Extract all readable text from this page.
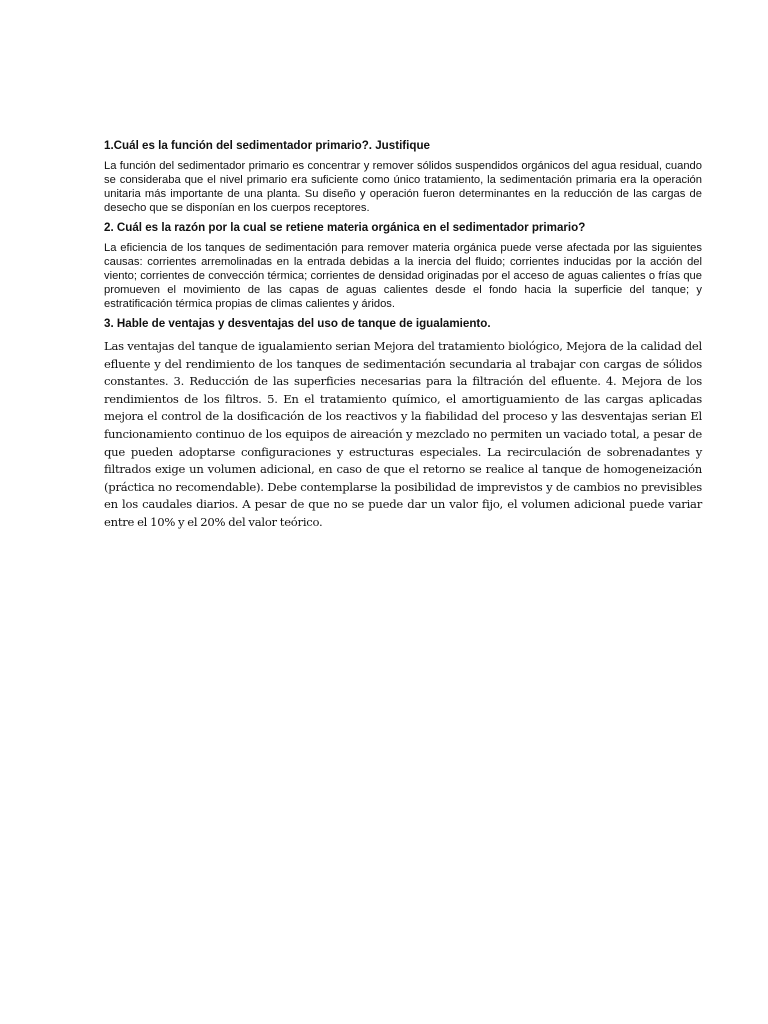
1.Cuál es la función del sedimentador primario?. Justifique

La función del sedimentador primario es concentrar y remover sólidos suspendidos orgánicos del agua residual, cuando se consideraba que el nivel primario era suficiente como único tratamiento, la sedimentación primaria era la operación unitaria más importante de una planta. Su diseño y operación fueron determinantes en la reducción de las cargas de desecho que se disponían en los cuerpos receptores.

2. Cuál es la razón por la cual se retiene materia orgánica en el sedimentador primario?

La eficiencia de los tanques de sedimentación para remover materia orgánica puede verse afectada por las siguientes causas: corrientes arremolinadas en la entrada debidas a la inercia del fluido; corrientes inducidas por la acción del viento; corrientes de convección térmica; corrientes de densidad originadas por el acceso de aguas calientes o frías que promueven el movimiento de las capas de aguas calientes desde el fondo hacia la superficie del tanque; y estratificación térmica propias de climas calientes y áridos.

3. Hable de ventajas y desventajas del uso de tanque de igualamiento.

Las ventajas del tanque de igualamiento serian Mejora del tratamiento biológico, Mejora de la calidad del efluente y del rendimiento de los tanques de sedimentación secundaria al trabajar con cargas de sólidos constantes. 3. Reducción de las superficies necesarias para la filtración del efluente. 4. Mejora de los rendimientos de los filtros. 5. En el tratamiento químico, el amortiguamiento de las cargas aplicadas mejora el control de la dosificación de los reactivos y la fiabilidad del proceso y las desventajas serian El funcionamiento continuo de los equipos de aireación y mezclado no permiten un vaciado total, a pesar de que pueden adoptarse configuraciones y estructuras especiales. La recirculación de sobrenadantes y filtrados exige un volumen adicional, en caso de que el retorno se realice al tanque de homogeneización (práctica no recomendable). Debe contemplarse la posibilidad de imprevistos y de cambios no previsibles en los caudales diarios. A pesar de que no se puede dar un valor fijo, el volumen adicional puede variar entre el 10% y el 20% del valor teórico.
